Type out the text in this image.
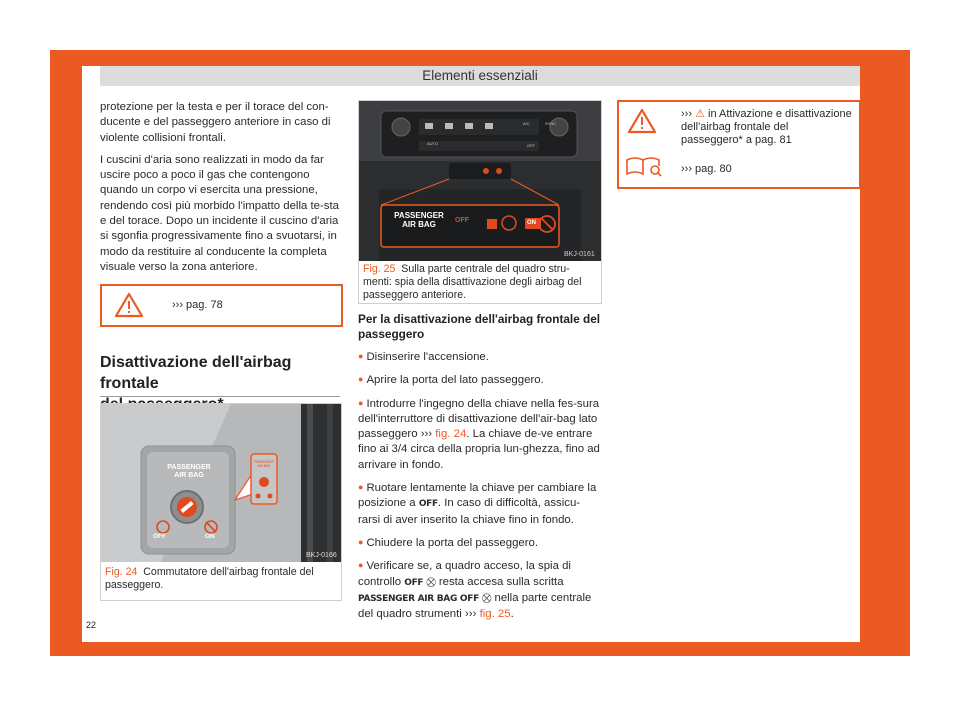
Elementi essenziali

protezione per la testa e per il torace del con-ducente e del passeggero anteriore in caso di violente collisioni frontali.

I cuscini d'aria sono realizzati in modo da far uscire poco a poco il gas che contengono quando un corpo vi esercita una pressione, rendendo così più morbido l'impatto della te-sta e del torace. Dopo un incidente il cuscino d'aria si sgonfia progressivamente fino a svuotarsi, in modo da restituire al conducente la completa visuale verso la zona anteriore.

››› pag. 78
Disattivazione dell'airbag frontale
PASSENGER
AIR BAG
OFF	ON
PASSENGER
AIR BAG
BKJ-0166
Fig. 24 Commutatore dell'airbag frontale del passeggero.
PASSENGER
AIR BAG	OFF	ON
AUTO
A/C	SYNC
OFF
BKJ-0161
Fig. 25 Sulla parte centrale del quadro stru-menti: spia della disattivazione degli airbag del passeggero anteriore.

Per la disattivazione dell'airbag frontale del passeggero

● Disinserire l'accensione.

● Aprire la porta del lato passeggero.

● Introdurre l'ingegno della chiave nella fes-sura dell'interruttore di disattivazione dell'air-bag lato passeggero ››› fig. 24. La chiave de-ve entrare fino ai 3/4 circa della propria lun-ghezza, fino ad arrivare in fondo.

● Ruotare lentamente la chiave per cambiare la posizione a OFF. In caso di difficoltà, assicu-rarsi di aver inserito la chiave fino in fondo.

● Chiudere la porta del passeggero.

● Verificare se, a quadro acceso, la spia di controllo OFF ⛒ resta accesa sulla scritta PASSENGER AIR BAG OFF ⛒ nella parte centrale del quadro strumenti ››› fig. 25.

››› ⚠ in Attivazione e disattivazione dell'airbag frontale del passeggero* a pag. 81
››› pag. 80
22
